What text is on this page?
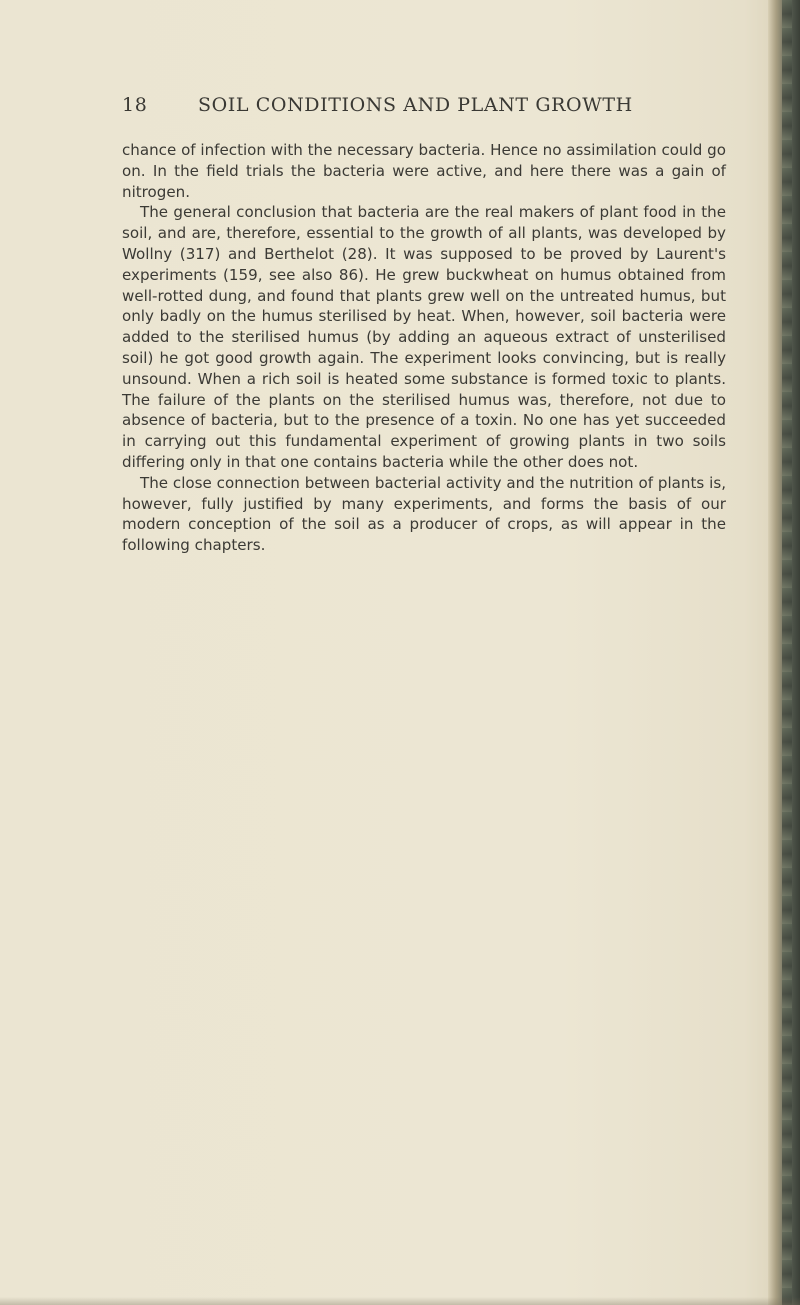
18	SOIL CONDITIONS AND PLANT GROWTH

chance of infection with the necessary bacteria. Hence no assimilation could go on. In the field trials the bacteria were active, and here there was a gain of nitrogen.

The general conclusion that bacteria are the real makers of plant food in the soil, and are, therefore, essential to the growth of all plants, was developed by Wollny (317) and Berthelot (28). It was supposed to be proved by Laurent's experiments (159, see also 86). He grew buckwheat on humus obtained from well-rotted dung, and found that plants grew well on the untreated humus, but only badly on the humus sterilised by heat. When, however, soil bacteria were added to the sterilised humus (by adding an aqueous extract of unsterilised soil) he got good growth again. The experiment looks convincing, but is really unsound. When a rich soil is heated some substance is formed toxic to plants. The failure of the plants on the sterilised humus was, therefore, not due to absence of bacteria, but to the presence of a toxin. No one has yet succeeded in carrying out this fundamental experiment of growing plants in two soils differing only in that one contains bacteria while the other does not.

The close connection between bacterial activity and the nutrition of plants is, however, fully justified by many experiments, and forms the basis of our modern conception of the soil as a producer of crops, as will appear in the following chapters.
